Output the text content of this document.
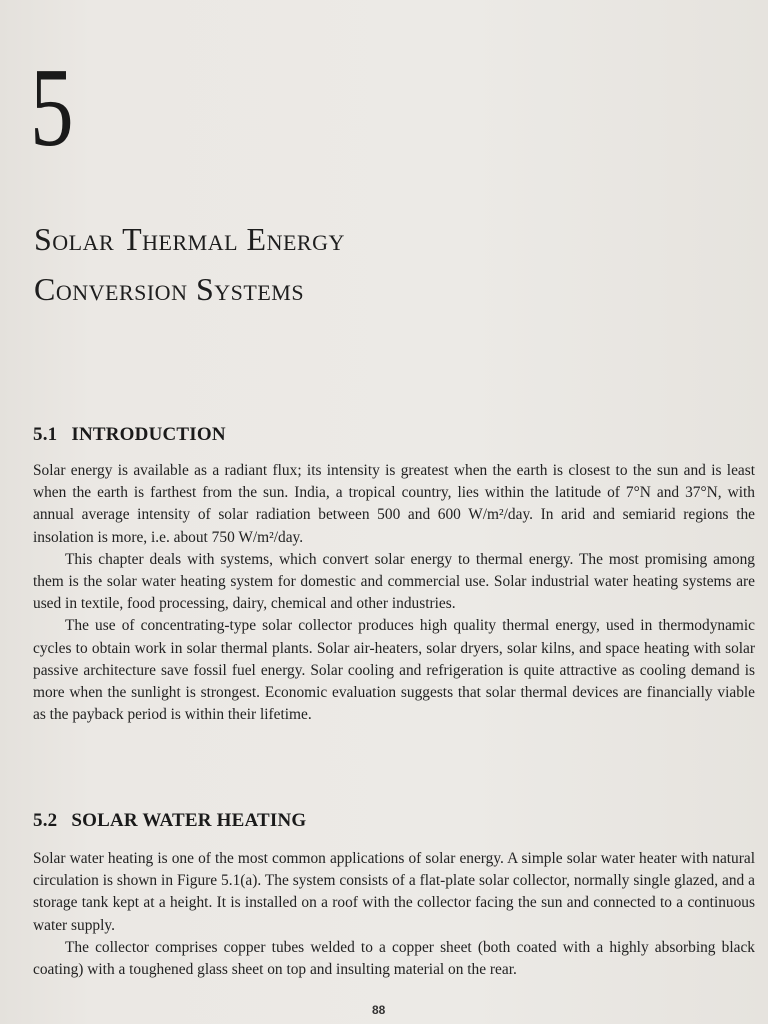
5
Solar Thermal Energy
Conversion Systems
5.1 INTRODUCTION

Solar energy is available as a radiant flux; its intensity is greatest when the earth is closest to the sun and is least when the earth is farthest from the sun. India, a tropical country, lies within the latitude of 7°N and 37°N, with annual average intensity of solar radiation between 500 and 600 W/m²/day. In arid and semiarid regions the insolation is more, i.e. about 750 W/m²/day.

This chapter deals with systems, which convert solar energy to thermal energy. The most promising among them is the solar water heating system for domestic and commercial use. Solar industrial water heating systems are used in textile, food processing, dairy, chemical and other industries.

The use of concentrating-type solar collector produces high quality thermal energy, used in thermodynamic cycles to obtain work in solar thermal plants. Solar air-heaters, solar dryers, solar kilns, and space heating with solar passive architecture save fossil fuel energy. Solar cooling and refrigeration is quite attractive as cooling demand is more when the sunlight is strongest. Economic evaluation suggests that solar thermal devices are financially viable as the payback period is within their lifetime.

5.2 SOLAR WATER HEATING

Solar water heating is one of the most common applications of solar energy. A simple solar water heater with natural circulation is shown in Figure 5.1(a). The system consists of a flat-plate solar collector, normally single glazed, and a storage tank kept at a height. It is installed on a roof with the collector facing the sun and connected to a continuous water supply.

The collector comprises copper tubes welded to a copper sheet (both coated with a highly absorbing black coating) with a toughened glass sheet on top and insulting material on the rear.

88
